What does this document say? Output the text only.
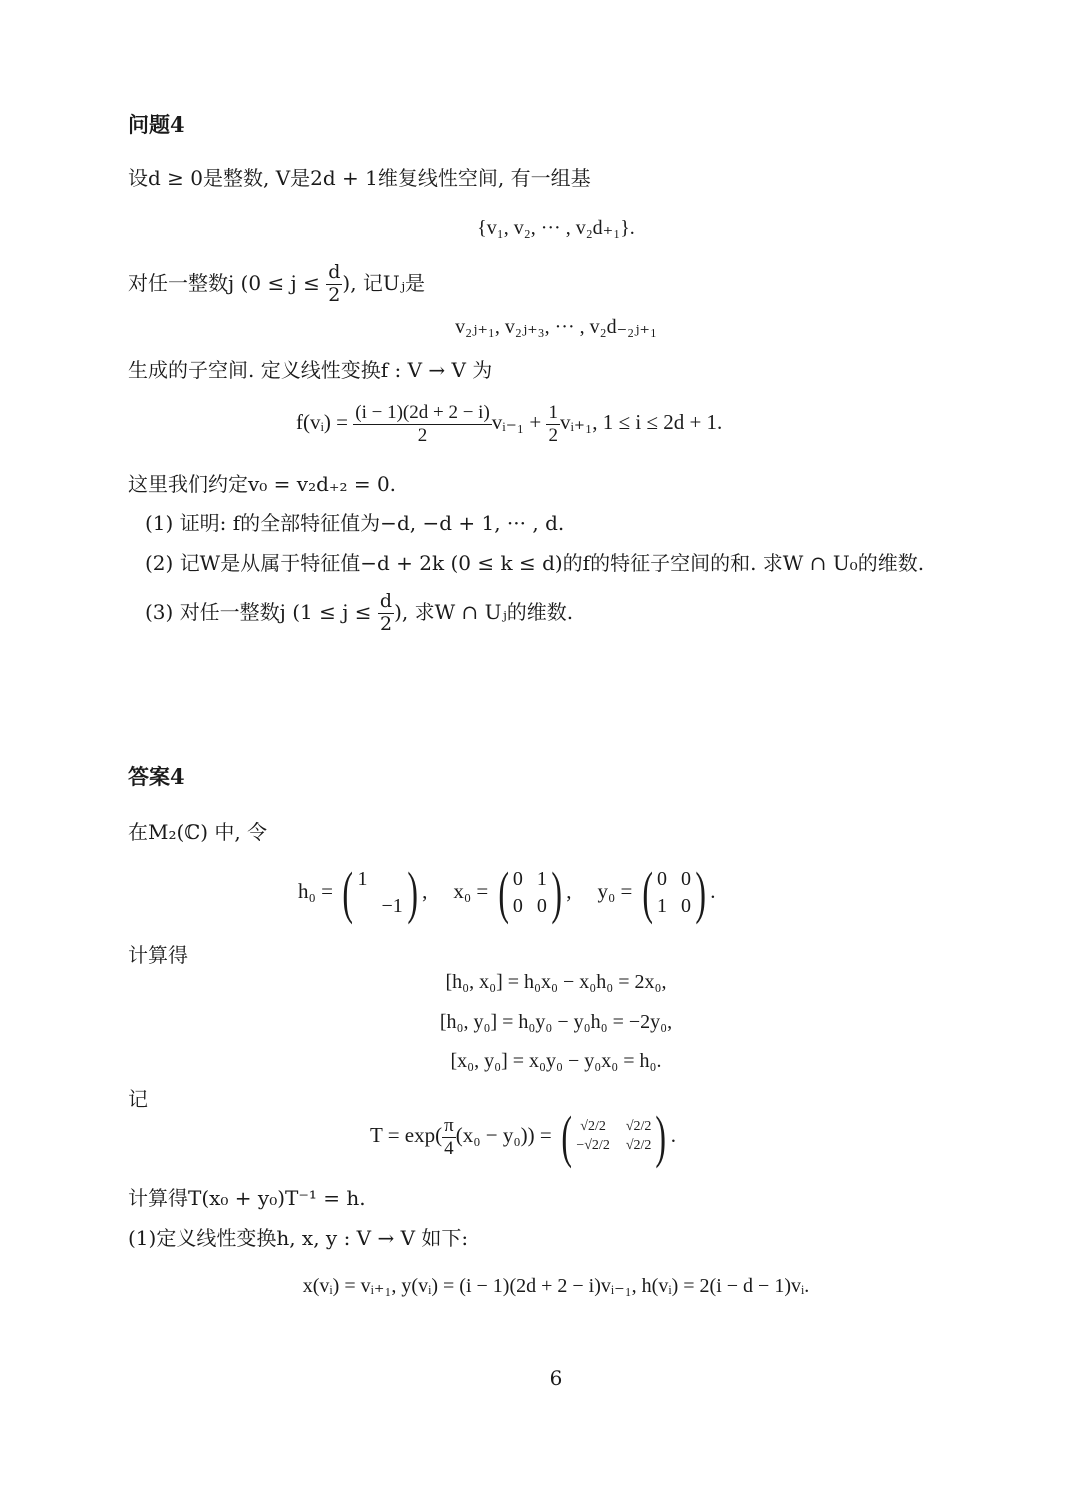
问题4
设d ≥ 0是整数, V是2d + 1维复线性空间, 有一组基
{v₁, v₂, ··· , v₂d₊₁}.
对任一整数j ($0 \le j \le \frac{d}{2}$ ), 记Uⱼ是
v₂ⱼ₊₁, v₂ⱼ₊₃, ··· , v₂d₋₂ⱼ₊₁
生成的子空间. 定义线性变换f : V → V 为
f(vᵢ) = $\frac{(i - 1)(2d + 2 - i)}{2}$ vᵢ₋₁ + $\frac{1}{2}$ vᵢ₊₁, 1 ≤ i ≤ 2d + 1.
这里我们约定v₀ = v₂d₊₂ = 0.
(1) 证明: f的全部特征值为−d, −d + 1, ··· , d.
(2) 记W是从属于特征值−d + 2k (0 ≤ k ≤ d)的f的特征子空间的和. 求W ∩ U₀的维数.
(3) 对任一整数j ($1 \le j \le \frac{d}{2}$ ), 求W ∩ Uⱼ的维数.
答案4
在M₂(ℂ) 中, 令
h₀ = ( 1
−1 ) , x₀ = ( 0 1
0 0 ) , y₀ = ( 0 0
1 0 ) .
计算得
[h₀, x₀] = h₀x₀ − x₀h₀ = 2x₀,
[h₀, y₀] = h₀y₀ − y₀h₀ = −2y₀,
[x₀, y₀] = x₀y₀ − y₀x₀ = h₀.
记
$T = \exp( \frac{\pi}{4} (x_0 - y_0))$ = ( √2/2 √2/2
−√2/2 √2/2 ) .
计算得T(x₀ + y₀)T⁻¹ = h.
(1)定义线性变换h, x, y : V → V 如下:
x(vᵢ) = vᵢ₊₁, y(vᵢ) = (i − 1)(2d + 2 − i)vᵢ₋₁, h(vᵢ) = 2(i − d − 1)vᵢ.
6
